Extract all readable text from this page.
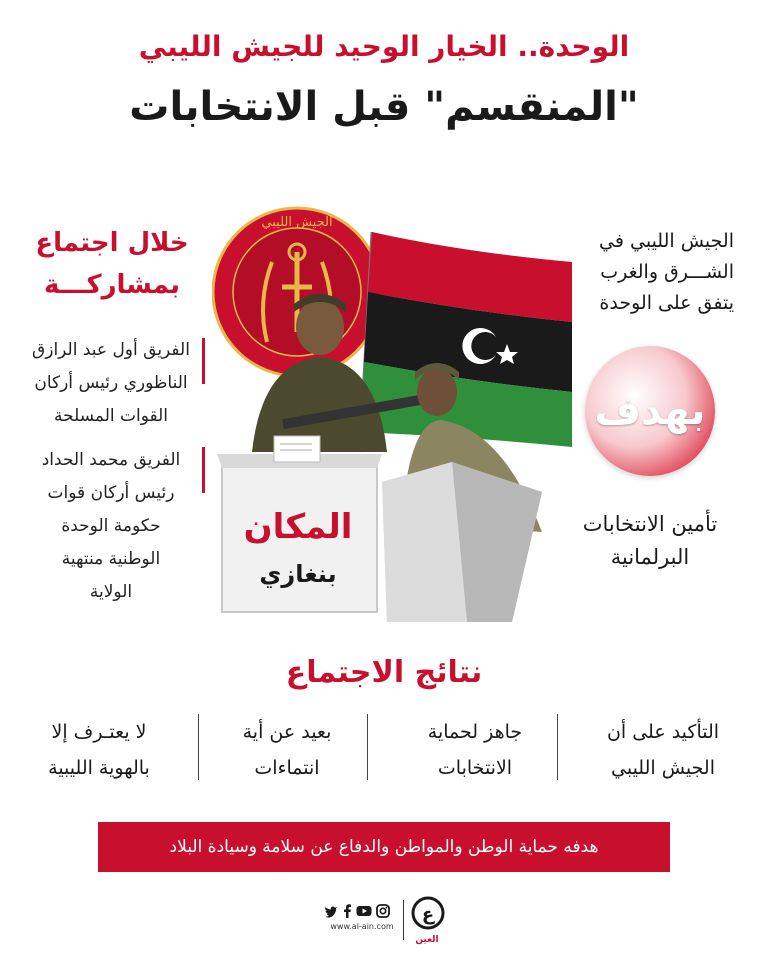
الوحدة.. الخيار الوحيد للجيش الليبي
"المنقسم" قبل الانتخابات
الجيش الليبي
المكان
بنغازي
خلال اجتماع
بمشاركـــة
الفريق أول عبد الرازق
الناظوري رئيس أركان
القوات المسلحة
الفريق محمد الحداد
رئيس أركان قوات
حكومة الوحدة
الوطنية منتهية
الولاية
الجيش الليبي في
الشـــرق والغرب
يتفق على الوحدة
بهدف
تأمين الانتخابات
البرلمانية
نتائج الاجتماع
التأكيد على أن
الجيش الليبي
جاهز لحماية
الانتخابات
بعيد عن أية
انتماءات
لا يعتـرف إلا
بالهوية الليبية
هدفه حماية الوطن والمواطن والدفاع عن سلامة وسيادة البلاد
www.al-ain.com
ع
العين
